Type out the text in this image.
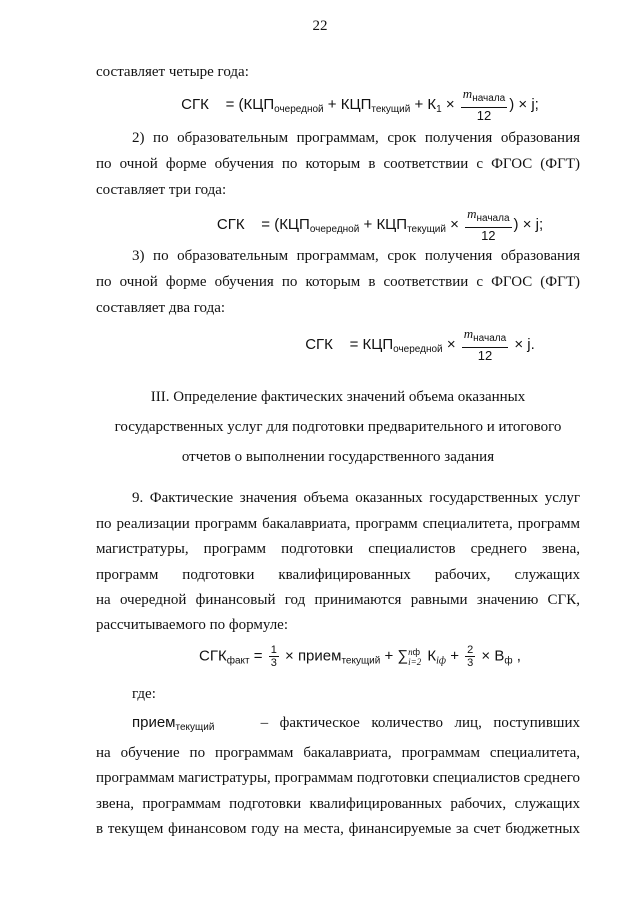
22
составляет четыре года:
СГК = ($КЦП_{очередной} + КЦП_{текущий} + К_1 \times \frac{m_{начала}}{12}$ ) × j;
2) по образовательным программам, срок получения образования
по очной форме обучения по которым в соответствии с ФГОС (ФГТ)
составляет три года:
СГК = ($КЦП_{очередной} + КЦП_{текущий} \times \frac{m_{начала}}{12}$ ) × j;
3) по образовательным программам, срок получения образования
по очной форме обучения по которым в соответствии с ФГОС (ФГТ)
составляет два года:
СГК = $КЦП_{очередной} \times \frac{m_{начала}}{12} \times j$.
III. Определение фактических значений объема оказанных
государственных услуг для подготовки предварительного и итогового
отчетов о выполнении государственного задания
9. Фактические значения объема оказанных государственных услуг
по реализации программ бакалавриата, программ специалитета, программ
магистратуры, программ подготовки специалистов среднего звена,
программ подготовки квалифицированных рабочих, служащих
на очередной финансовый год принимаются равными значению СГК,
рассчитываемого по формуле:
$СГК_{факт} = \frac{1}{3}$ × прием$_{текущий}$ + ∑ nф
i=2 $К_{iф} + \frac{2}{3} \times В_ф$ ,
где:
прием$_{текущий}$	– фактическое количество лиц, поступивших
на обучение по программам бакалавриата, программам специалитета,
программам магистратуры, программам подготовки специалистов среднего
звена, программам подготовки квалифицированных рабочих, служащих
в текущем финансовом году на места, финансируемые за счет бюджетных
